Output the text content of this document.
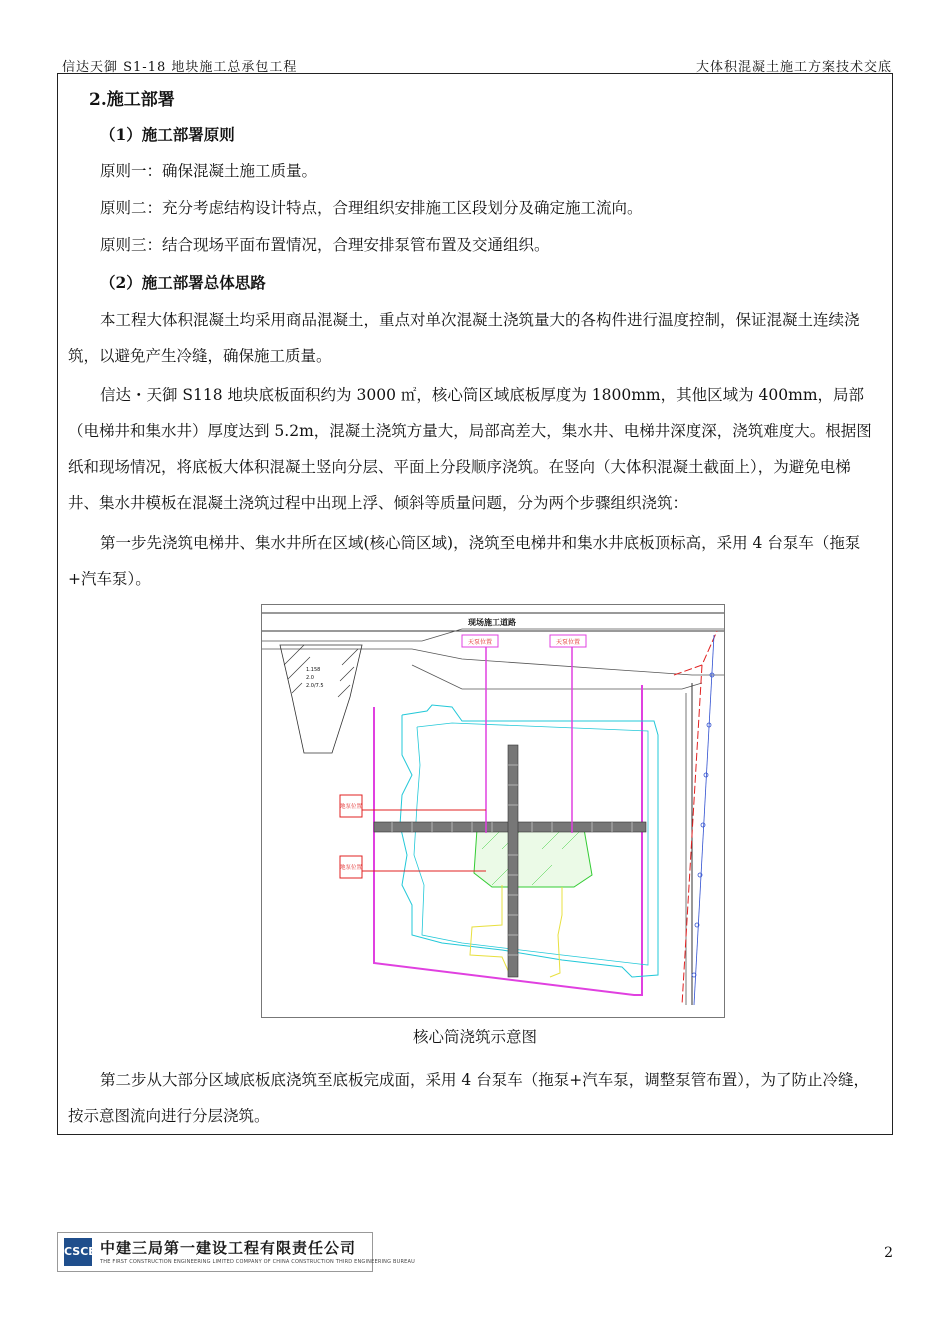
信达天御 S1-18 地块施工总承包工程	大体积混凝土施工方案技术交底
2.施工部署
（1）施工部署原则
原则一：确保混凝土施工质量。
原则二：充分考虑结构设计特点，合理组织安排施工区段划分及确定施工流向。
原则三：结合现场平面布置情况，合理安排泵管布置及交通组织。
（2）施工部署总体思路
本工程大体积混凝土均采用商品混凝土，重点对单次混凝土浇筑量大的各构件进行温度控制，保证混凝土连续浇筑，以避免产生冷缝，确保施工质量。
信达・天御 S118 地块底板面积约为 3000 ㎡，核心筒区域底板厚度为 1800mm，其他区域为 400mm，局部（电梯井和集水井）厚度达到 5.2m，混凝土浇筑方量大，局部高差大，集水井、电梯井深度深，浇筑难度大。根据图纸和现场情况，将底板大体积混凝土竖向分层、平面上分段顺序浇筑。在竖向（大体积混凝土截面上），为避免电梯井、集水井模板在混凝土浇筑过程中出现上浮、倾斜等质量问题，分为两个步骤组织浇筑：
第一步先浇筑电梯井、集水井所在区域(核心筒区域)，浇筑至电梯井和集水井底板顶标高，采用 4 台泵车（拖泵+汽车泵）。
现场施工道路
1.158
2.0
2.0/7.5
天泵位置	天泵位置
地泵位置
地泵位置
核心筒浇筑示意图
第二步从大部分区域底板底浇筑至底板完成面，采用 4 台泵车（拖泵+汽车泵，调整泵管布置），为了防止冷缝，按示意图流向进行分层浇筑。
CSCEC
中建三局第一建设工程有限责任公司
THE FIRST CONSTRUCTION ENGINEERING LIMITED COMPANY OF CHINA CONSTRUCTION THIRD ENGINEERING BUREAU
2
